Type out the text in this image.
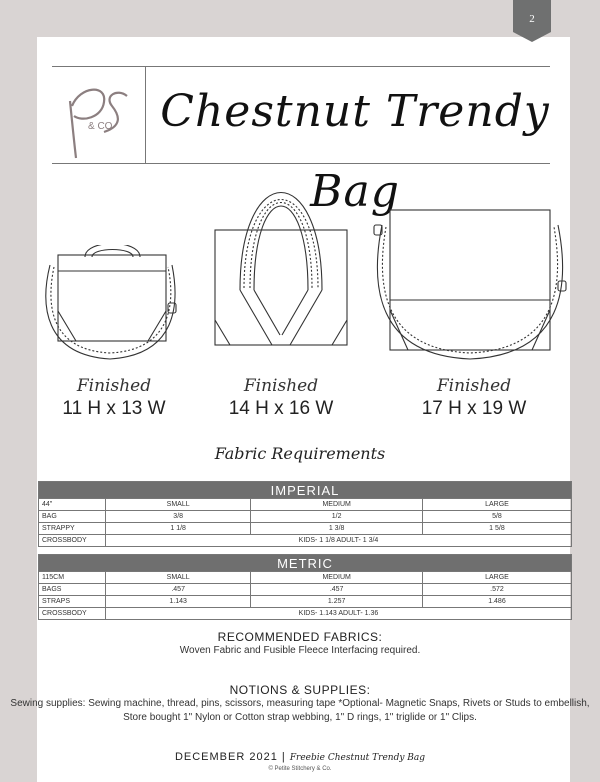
2
& CO Chestnut Trendy Bag
Finished
11 H x 13 W
Finished
14 H x 16 W
Finished
17 H x 19 W
Fabric Requirements
IMPERIAL			
44"	SMALL	MEDIUM	LARGE
BAG	3/8	1/2	5/8
STRAPPY	1 1/8	1 3/8	1 5/8
CROSSBODY	KIDS- 1 1/8 ADULT- 1 3/4		
METRIC			
115CM	SMALL	MEDIUM	LARGE
BAGS	.457	.457	.572
STRAPS	1.143	1.257	1.486
CROSSBODY	KIDS- 1.143 ADULT- 1.36		
RECOMMENDED FABRICS:
Woven Fabric and Fusible Fleece Interfacing required.
NOTIONS & SUPPLIES:
Sewing supplies: Sewing machine, thread, pins, scissors, measuring tape *Optional- Magnetic Snaps, Rivets or Studs to embellish, Store bought 1" Nylon or Cotton strap webbing, 1" D rings, 1" triglide or 1" Clips.
DECEMBER 2021 | Freebie Chestnut Trendy Bag
© Petite Stitchery & Co.
